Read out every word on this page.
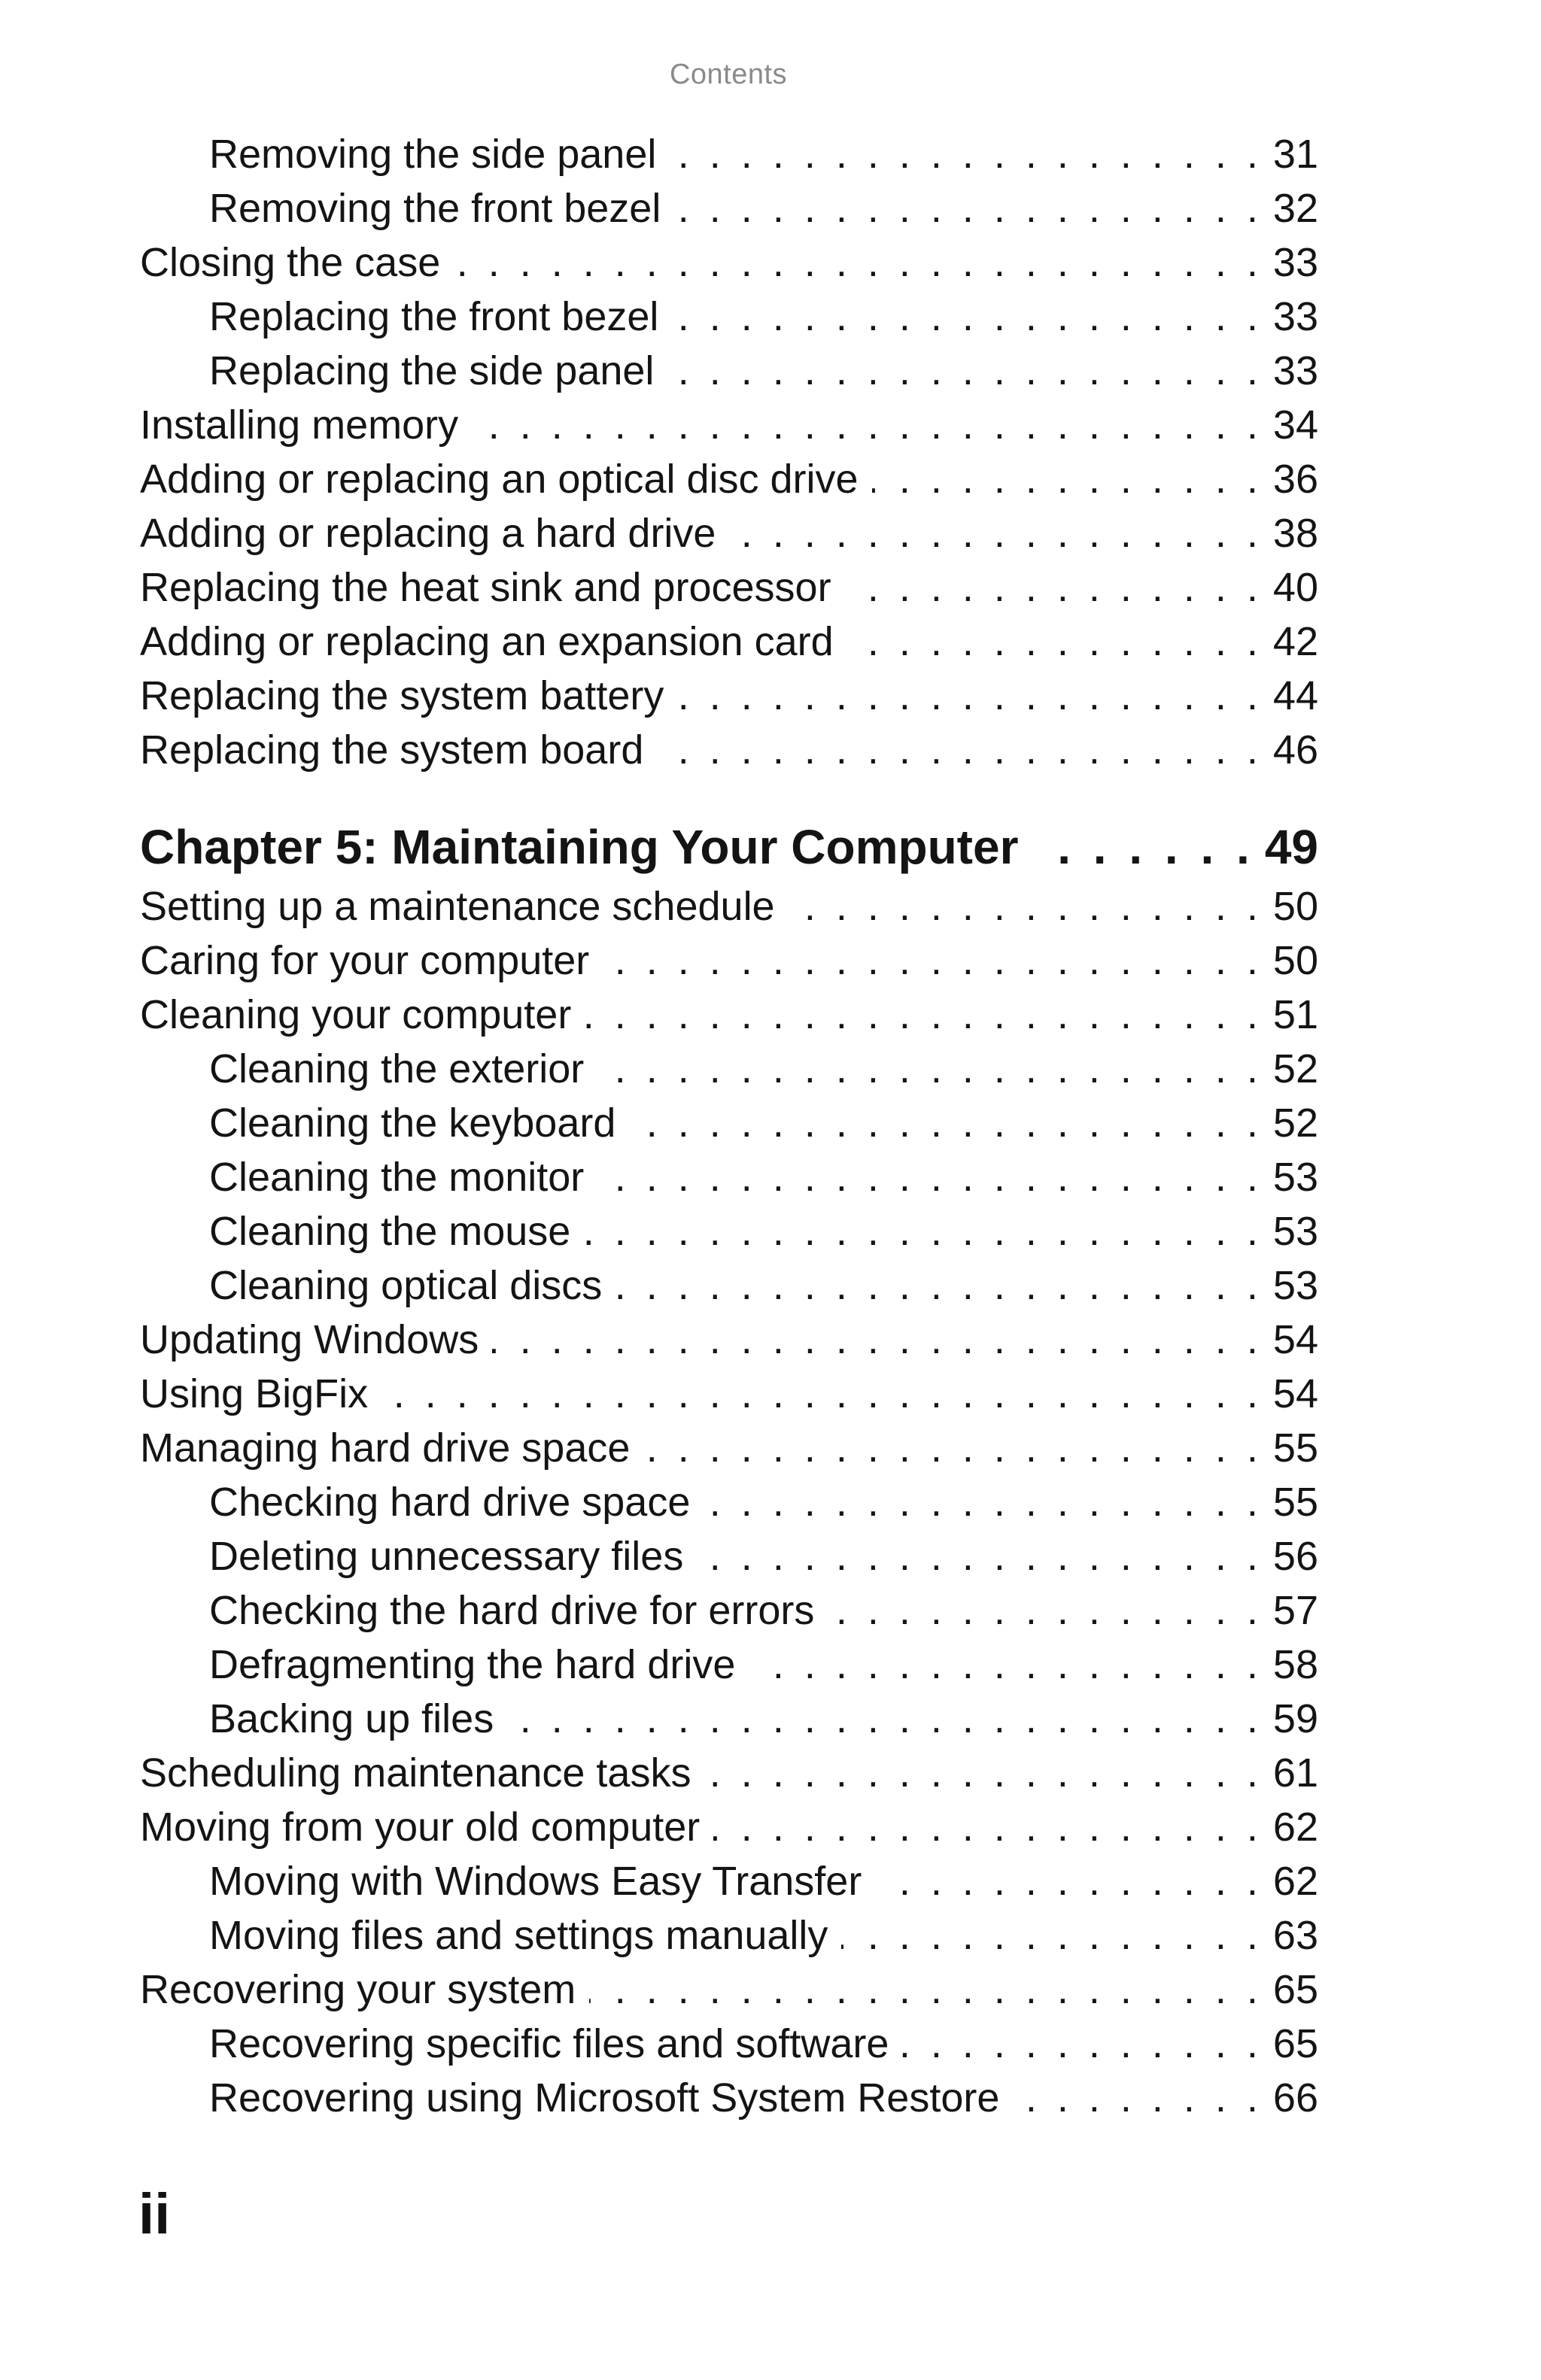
Contents
Removing the side panel . . .	31
Removing the front bezel . . .	32
Closing the case . . .	33
Replacing the front bezel . . .	33
Replacing the side panel . . .	33
Installing memory . . .	34
Adding or replacing an optical disc drive . . .	36
Adding or replacing a hard drive . . .	38
Replacing the heat sink and processor . . .	40
Adding or replacing an expansion card . . .	42
Replacing the system battery . . .	44
Replacing the system board . . .	46
Chapter 5: Maintaining Your Computer . . .	49
Setting up a maintenance schedule . . .	50
Caring for your computer . . .	50
Cleaning your computer . . .	51
Cleaning the exterior . . .	52
Cleaning the keyboard . . .	52
Cleaning the monitor . . .	53
Cleaning the mouse . . .	53
Cleaning optical discs . . .	53
Updating Windows . . .	54
Using BigFix . . .	54
Managing hard drive space . . .	55
Checking hard drive space . . .	55
Deleting unnecessary files . . .	56
Checking the hard drive for errors . . .	57
Defragmenting the hard drive . . .	58
Backing up files . . .	59
Scheduling maintenance tasks . . .	61
Moving from your old computer . . .	62
Moving with Windows Easy Transfer . . .	62
Moving files and settings manually . . .	63
Recovering your system . . .	65
Recovering specific files and software . . .	65
Recovering using Microsoft System Restore . . .	66
ii
